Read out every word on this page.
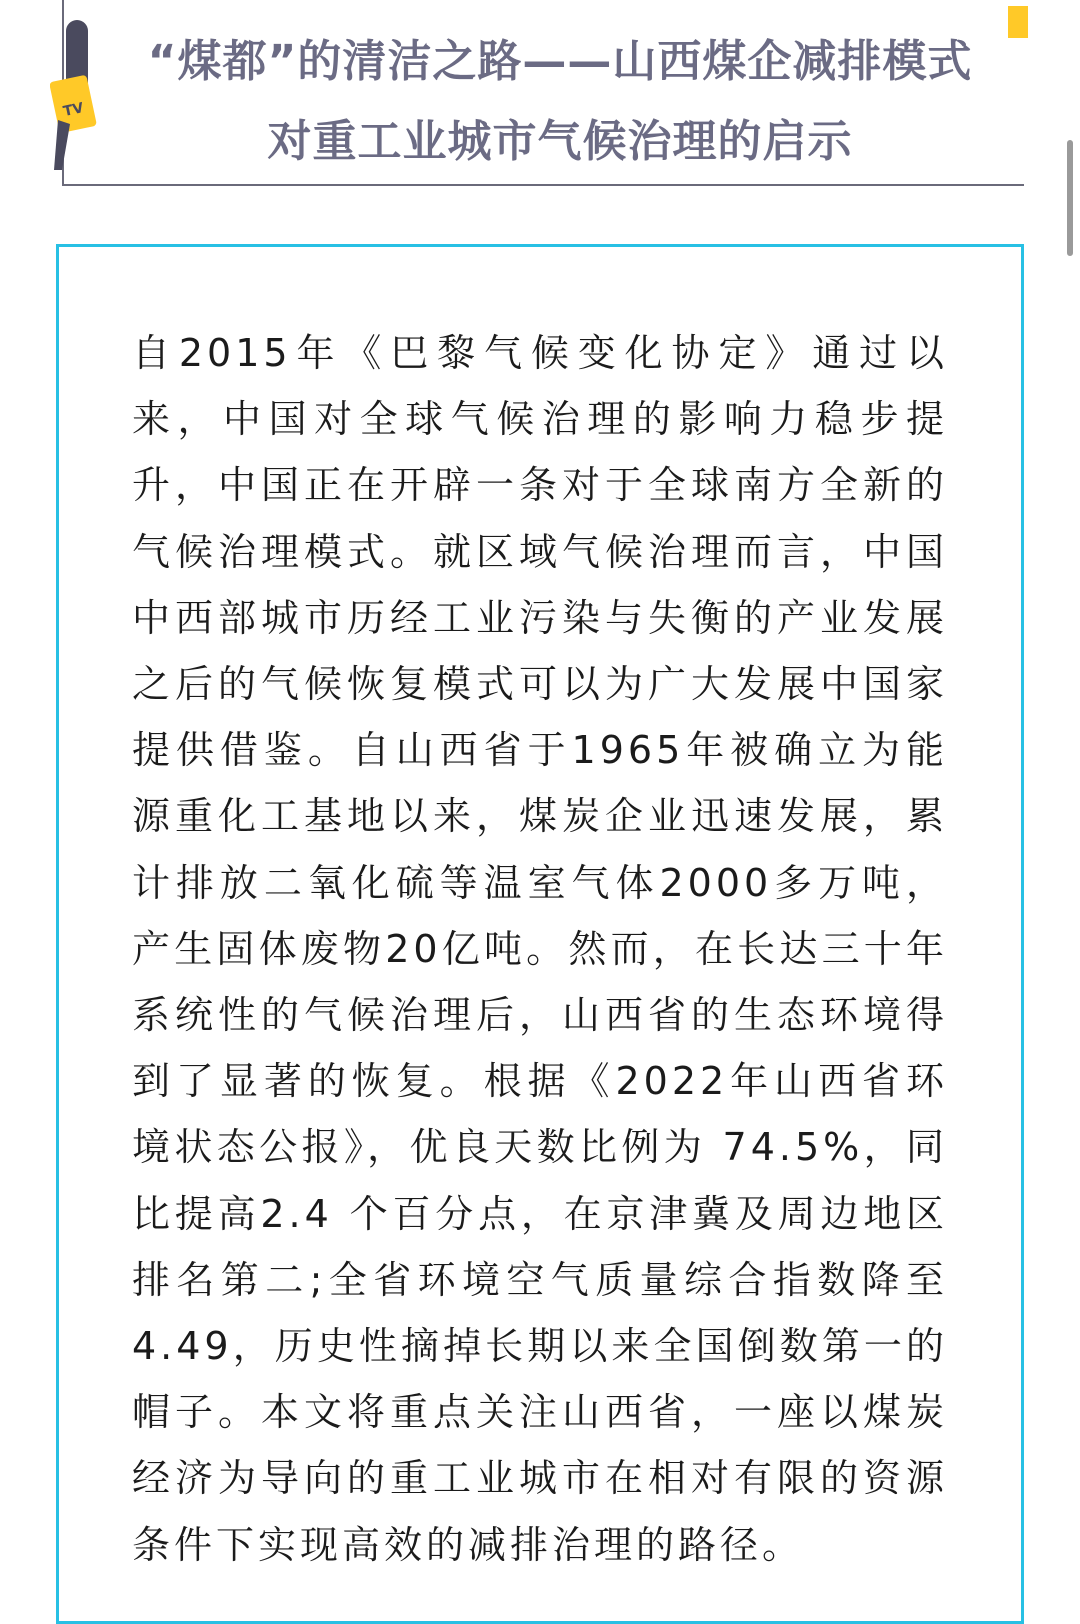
TV
“煤都”的清洁之路——山西煤企减排模式
对重工业城市气候治理的启示

自2015年《巴黎气候变化协定》通过以来，中国对全球气候治理的影响力稳步提升，中国正在开辟一条对于全球南方全新的气候治理模式。就区域气候治理而言，中国中西部城市历经工业污染与失衡的产业发展之后的气候恢复模式可以为广大发展中国家提供借鉴。自山西省于1965年被确立为能源重化工基地以来，煤炭企业迅速发展，累计排放二氧化硫等温室气体2000多万吨，产生固体废物20亿吨。然而，在长达三十年系统性的气候治理后，山西省的生态环境得到了显著的恢复。根据《2022年山西省环境状态公报》，优良天数比例为 74.5%，同比提高2.4 个百分点，在京津冀及周边地区排名第二;全省环境空气质量综合指数降至 4.49，历史性摘掉长期以来全国倒数第一的帽子。本文将重点关注山西省，一座以煤炭经济为导向的重工业城市在相对有限的资源条件下实现高效的减排治理的路径。
